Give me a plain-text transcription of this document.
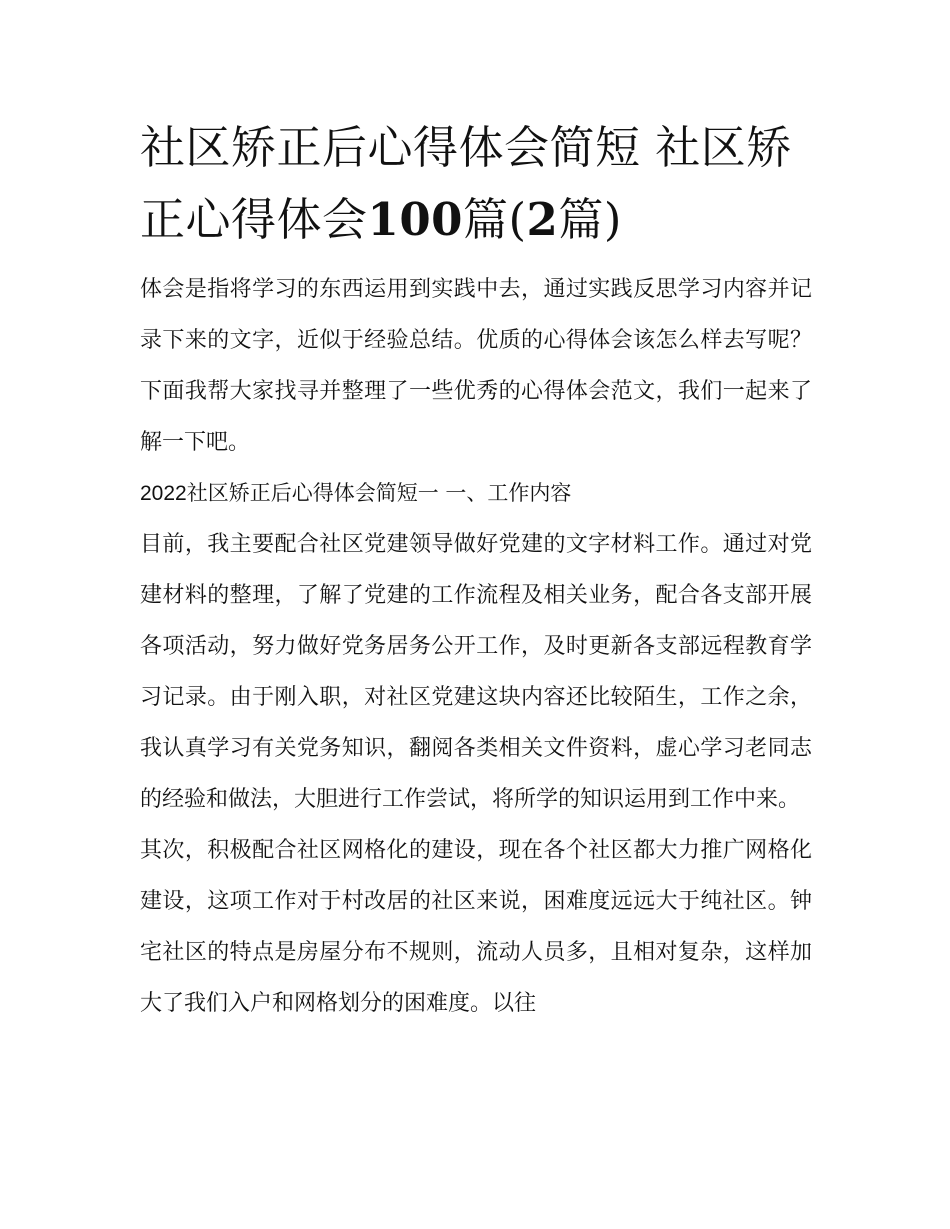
社区矫正后心得体会简短 社区矫正心得体会100篇(2篇)

体会是指将学习的东西运用到实践中去，通过实践反思学习内容并记录下来的文字，近似于经验总结。优质的心得体会该怎么样去写呢？下面我帮大家找寻并整理了一些优秀的心得体会范文，我们一起来了解一下吧。

2022社区矫正后心得体会简短一 一、工作内容

目前，我主要配合社区党建领导做好党建的文字材料工作。通过对党建材料的整理，了解了党建的工作流程及相关业务，配合各支部开展各项活动，努力做好党务居务公开工作，及时更新各支部远程教育学习记录。由于刚入职，对社区党建这块内容还比较陌生，工作之余，我认真学习有关党务知识，翻阅各类相关文件资料，虚心学习老同志的经验和做法，大胆进行工作尝试，将所学的知识运用到工作中来。

其次，积极配合社区网格化的建设，现在各个社区都大力推广网格化建设，这项工作对于村改居的社区来说，困难度远远大于纯社区。钟宅社区的特点是房屋分布不规则，流动人员多，且相对复杂，这样加大了我们入户和网格划分的困难度。以往
